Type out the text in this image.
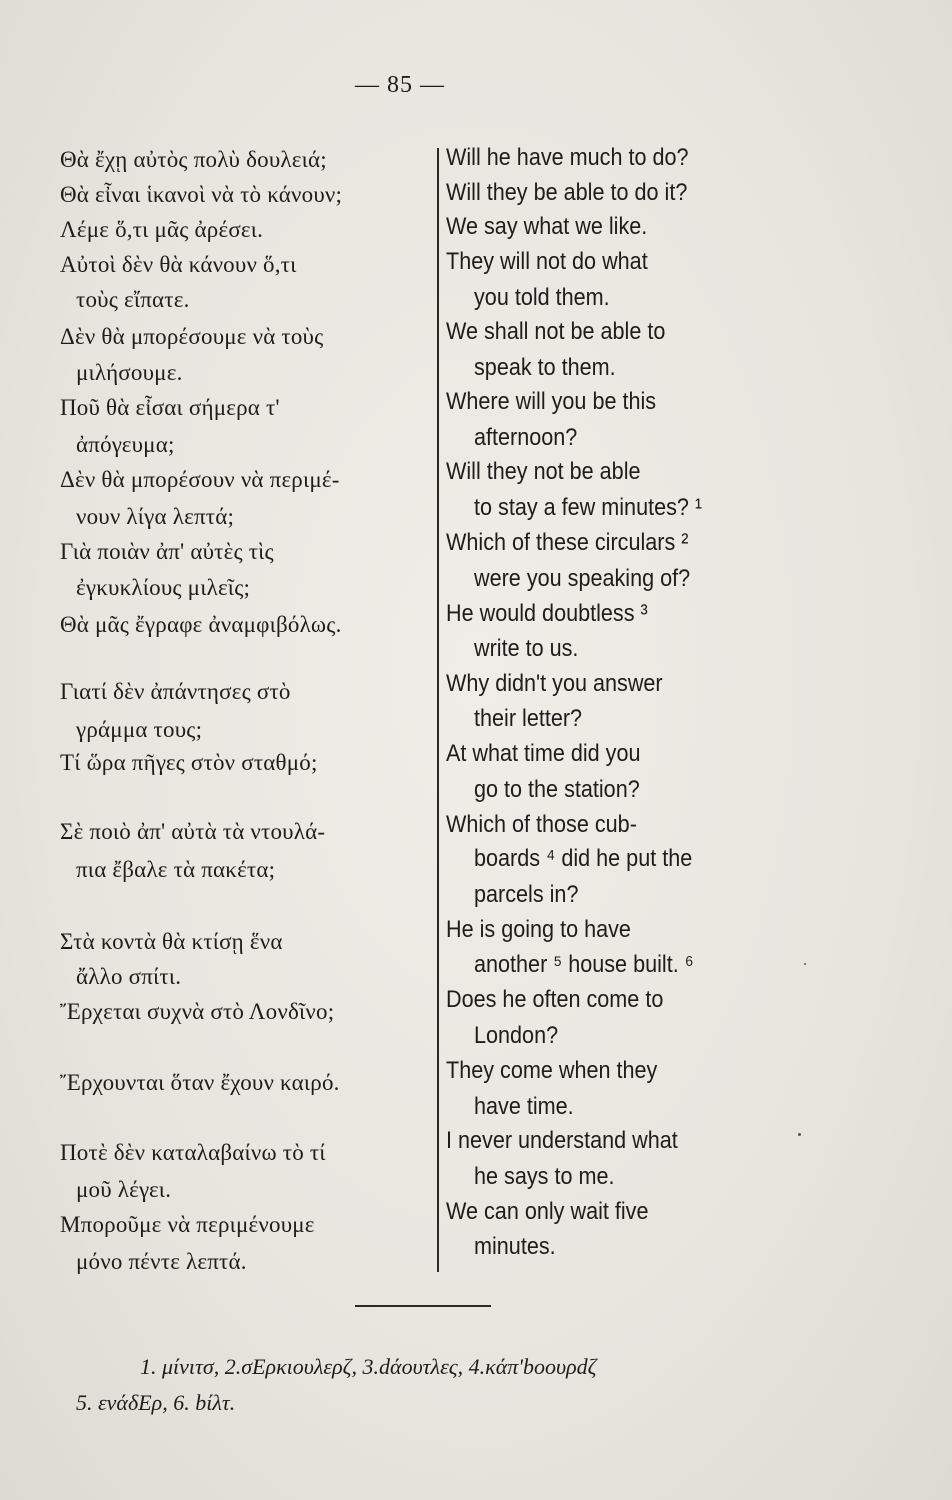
— 85 —
Θὰ ἔχῃ αὐτὸς πολὺ δουλειά;
Θὰ εἶναι ἱκανοὶ νὰ τὸ κάνουν;
Λέμε ὅ,τι μᾶς ἀρέσει.
Αὐτοὶ δὲν θὰ κάνουν ὅ,τι
τοὺς εἴπατε.
Δὲν θὰ μπορέσουμε νὰ τοὺς
μιλήσουμε.
Ποῦ θὰ εἶσαι σήμερα τ'
ἀπόγευμα;
Δὲν θὰ μπορέσουν νὰ περιμέ-
νουν λίγα λεπτά;
Γιὰ ποιὰν ἀπ' αὐτὲς τὶς
ἐγκυκλίους μιλεῖς;
Θὰ μᾶς ἔγραφε ἀναμφιβόλως.
Γιατί δὲν ἀπάντησες στὸ
γράμμα τους;
Τί ὥρα πῆγες στὸν σταθμό;
Σὲ ποιὸ ἀπ' αὐτὰ τὰ ντουλά-
πια ἔβαλε τὰ πακέτα;
Στὰ κοντὰ θὰ κτίσῃ ἕνα
ἄλλο σπίτι.
Ἔρχεται συχνὰ στὸ Λονδῖνο;
Ἔρχουνται ὅταν ἔχουν καιρό.
Ποτὲ δὲν καταλαβαίνω τὸ τί
μοῦ λέγει.
Μποροῦμε νὰ περιμένουμε
μόνο πέντε λεπτά.
Will he have much to do?
Will they be able to do it?
We say what we like.
They will not do what
you told them.
We shall not be able to
speak to them.
Where will you be this
afternoon?
Will they not be able
to stay a few minutes? ¹
Which of these circulars ²
were you speaking of?
He would doubtless ³
write to us.
Why didn't you answer
their letter?
At what time did you
go to the station?
Which of those cub-
boards ⁴ did he put the
parcels in?
He is going to have
another ⁵ house built. ⁶
Does he often come to
London?
They come when they
have time.
I never understand what
he says to me.
We can only wait five
minutes.
1. μίνιτσ, 2.σΕρκιουλερζ, 3.dάουτλες, 4.κάπ'boουρdζ
5. ενάδΕρ, 6. bίλτ.
